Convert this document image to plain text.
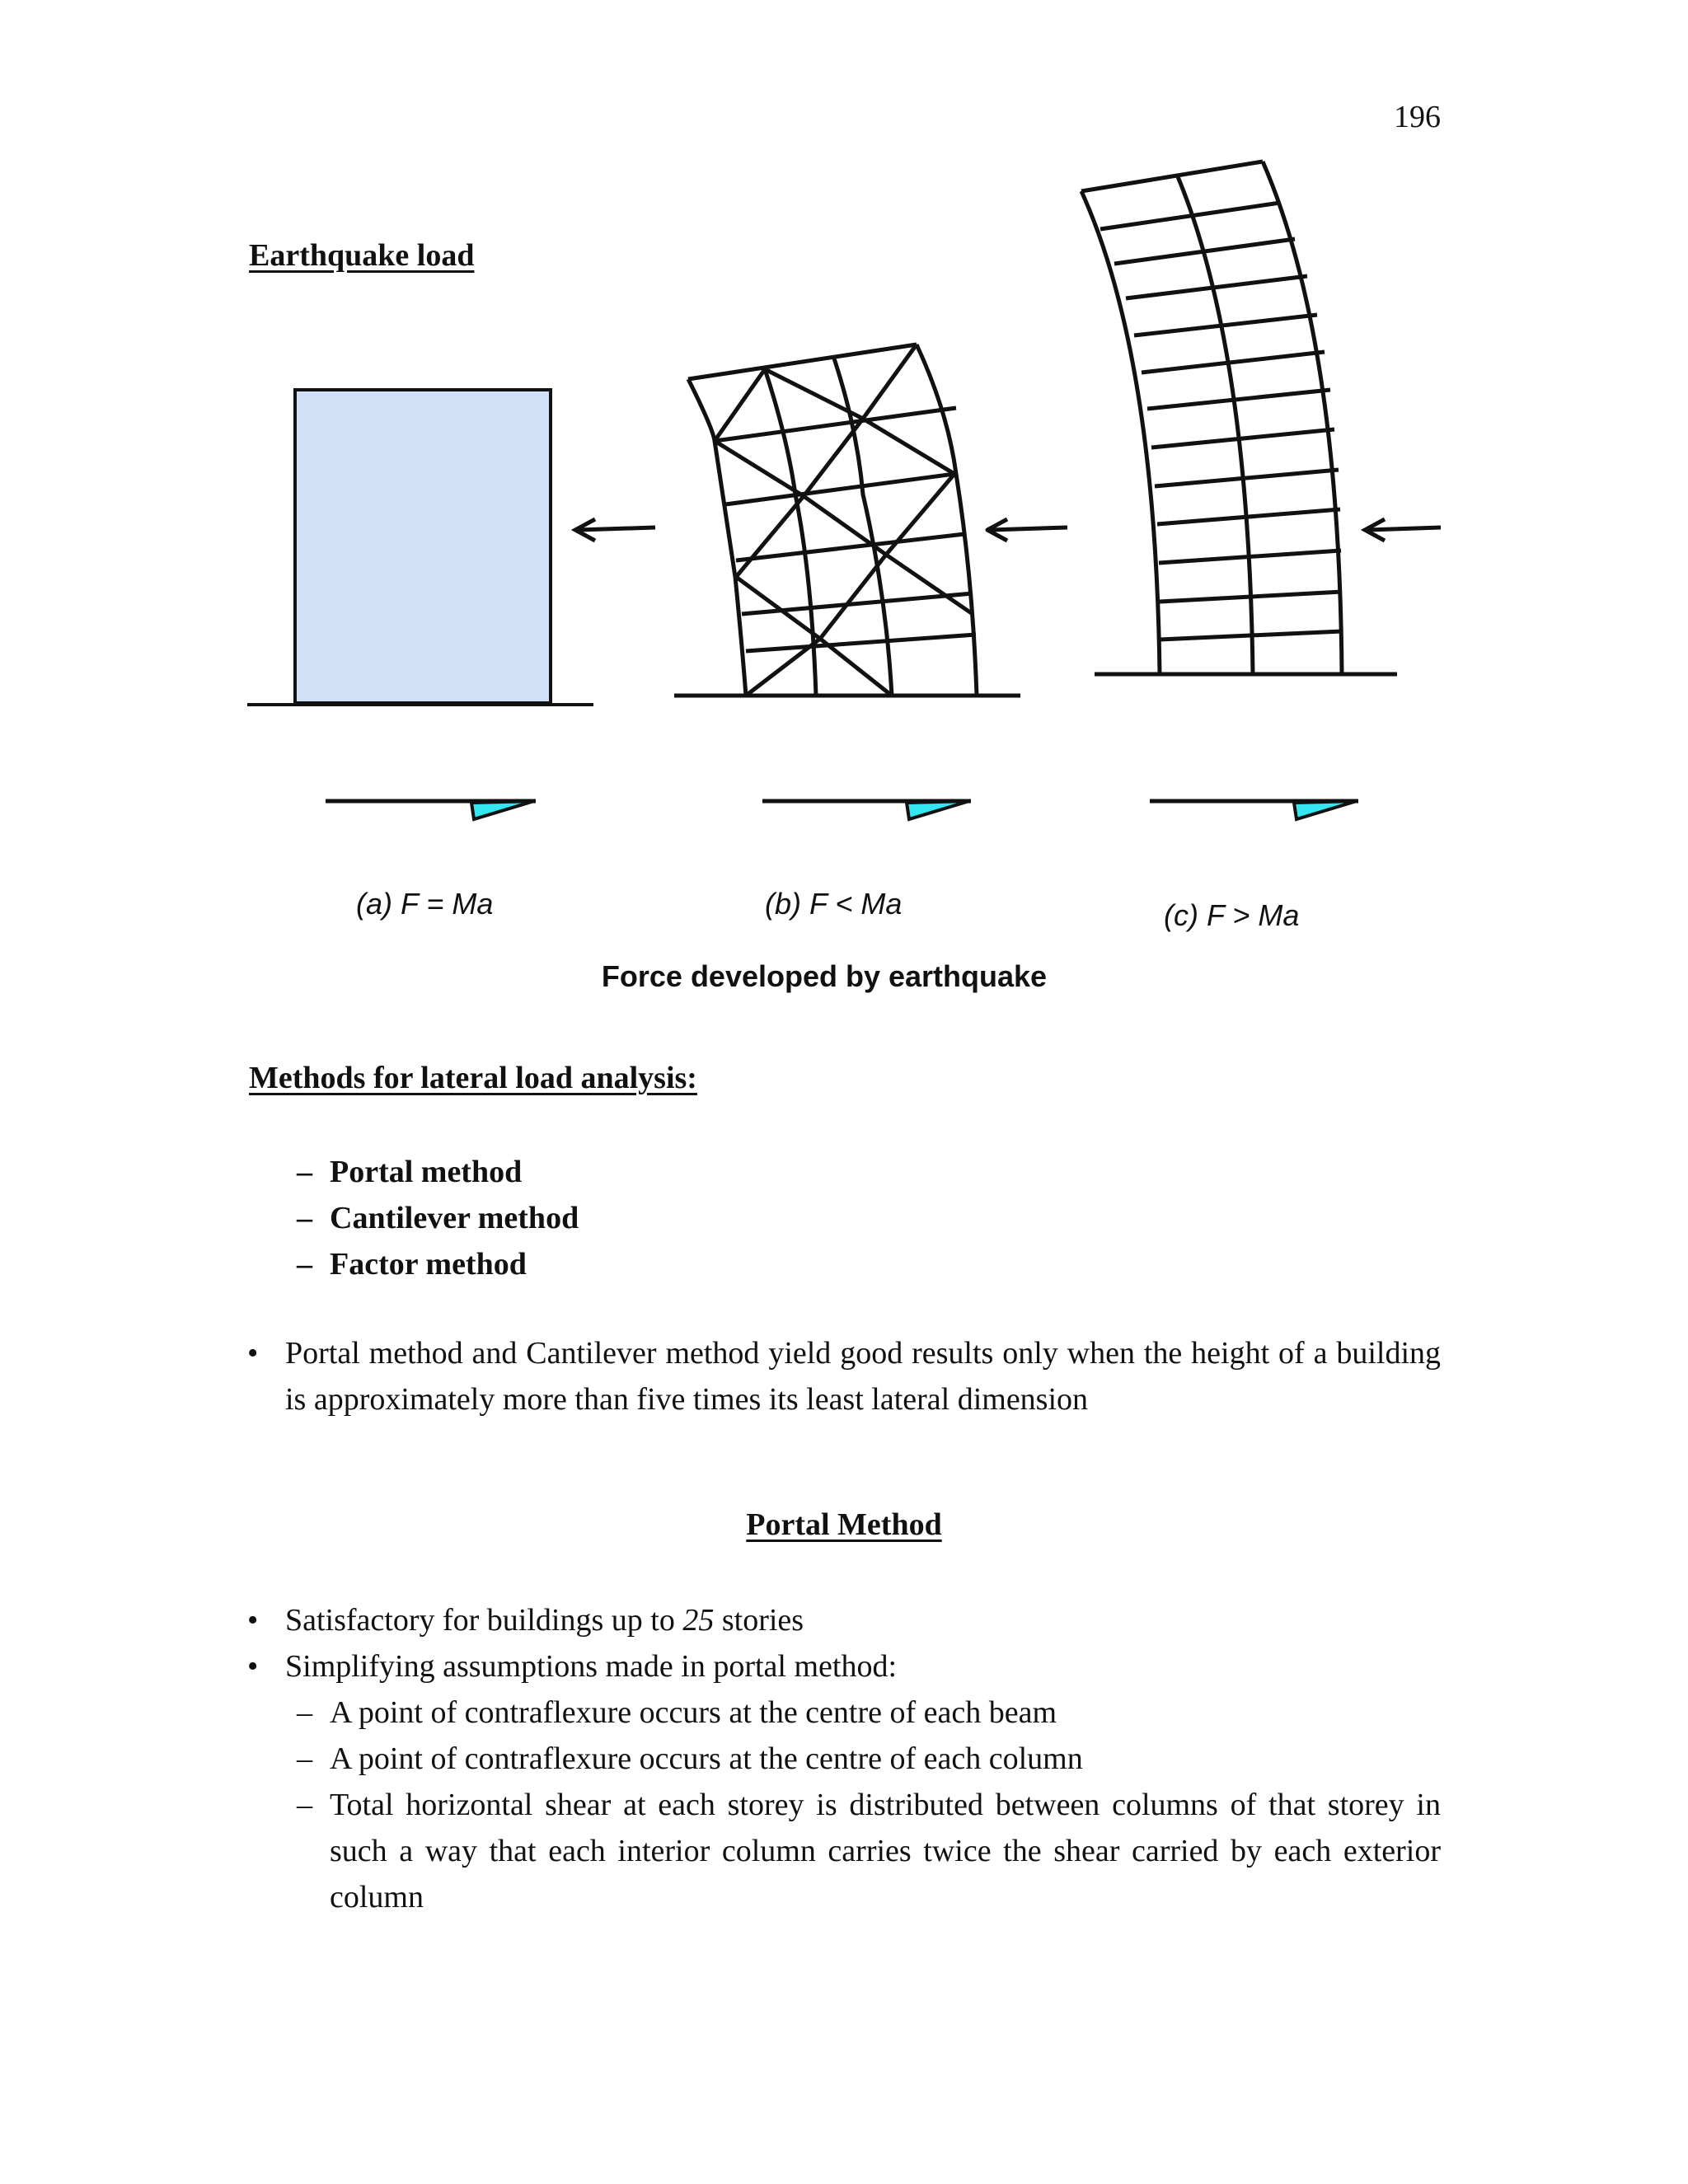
196
Earthquake load
(a) F = Ma	(b) F < Ma	(c) F > Ma
Force developed by earthquake
Methods for lateral load analysis:
– Portal method
– Cantilever method
– Factor method
• Portal method and Cantilever method yield good results only when the height of a building is approximately more than five times its least lateral dimension
Portal Method
• Satisfactory for buildings up to 25 stories
• Simplifying assumptions made in portal method:
– A point of contraflexure occurs at the centre of each beam
– A point of contraflexure occurs at the centre of each column
– Total horizontal shear at each storey is distributed between columns of that storey in such a way that each interior column carries twice the shear carried by each exterior column
